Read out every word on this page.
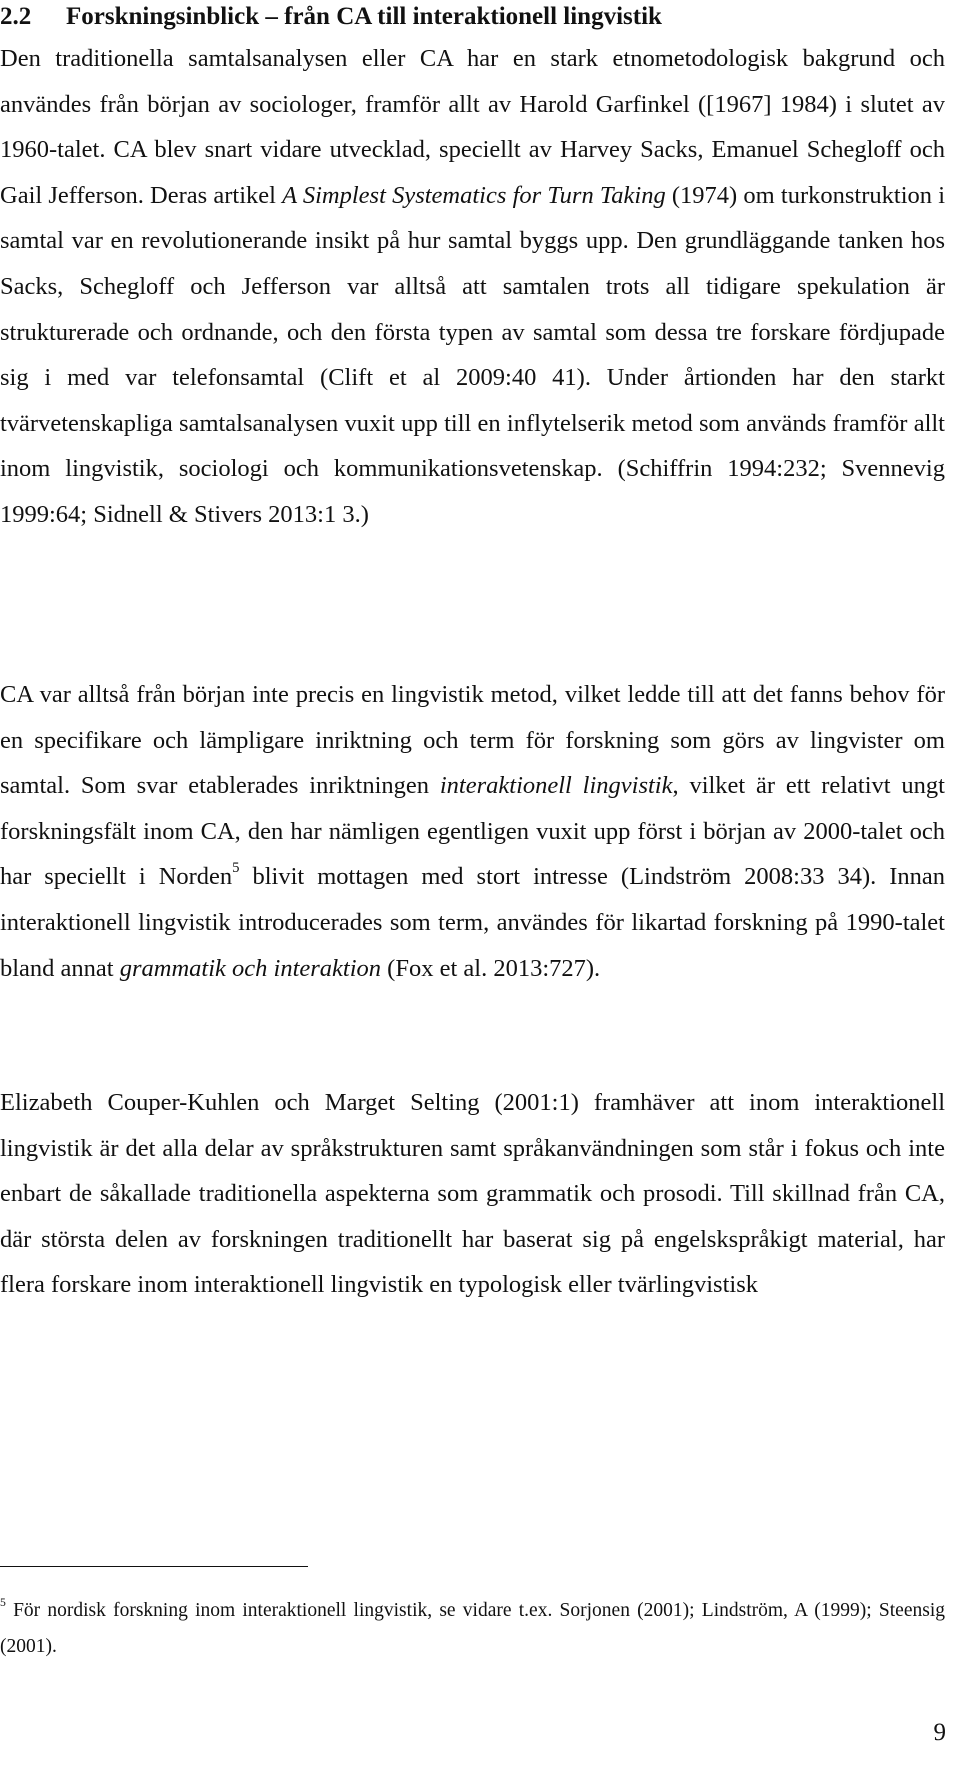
2.2 Forskningsinblick – från CA till interaktionell lingvistik

Den traditionella samtalsanalysen eller CA har en stark etnometodologisk bakgrund och användes från början av sociologer, framför allt av Harold Garfinkel ([1967] 1984) i slutet av 1960-talet. CA blev snart vidare utvecklad, speciellt av Harvey Sacks, Emanuel Schegloff och Gail Jefferson. Deras artikel A Simplest Systematics for Turn Taking (1974) om turkonstruktion i samtal var en revolutionerande insikt på hur samtal byggs upp. Den grundläggande tanken hos Sacks, Schegloff och Jefferson var alltså att samtalen trots all tidigare spekulation är strukturerade och ordnande, och den första typen av samtal som dessa tre forskare fördjupade sig i med var telefonsamtal (Clift et al 2009:40 41). Under årtionden har den starkt tvärvetenskapliga samtalsanalysen vuxit upp till en inflytelserik metod som används framför allt inom lingvistik, sociologi och kommunikationsvetenskap. (Schiffrin 1994:232; Svennevig 1999:64; Sidnell & Stivers 2013:1 3.)

CA var alltså från början inte precis en lingvistik metod, vilket ledde till att det fanns behov för en specifikare och lämpligare inriktning och term för forskning som görs av lingvister om samtal. Som svar etablerades inriktningen interaktionell lingvistik, vilket är ett relativt ungt forskningsfält inom CA, den har nämligen egentligen vuxit upp först i början av 2000-talet och har speciellt i Norden$^5$ blivit mottagen med stort intresse (Lindström 2008:33 34). Innan interaktionell lingvistik introducerades som term, användes för likartad forskning på 1990-talet bland annat grammatik och interaktion (Fox et al. 2013:727).

Elizabeth Couper-Kuhlen och Marget Selting (2001:1) framhäver att inom interaktionell lingvistik är det alla delar av språkstrukturen samt språkanvändningen som står i fokus och inte enbart de såkallade traditionella aspekterna som grammatik och prosodi. Till skillnad från CA, där största delen av forskningen traditionellt har baserat sig på engelskspråkigt material, har flera forskare inom interaktionell lingvistik en typologisk eller tvärlingvistisk

$^5$ För nordisk forskning inom interaktionell lingvistik, se vidare t.ex. Sorjonen (2001); Lindström, A (1999); Steensig (2001).

9
